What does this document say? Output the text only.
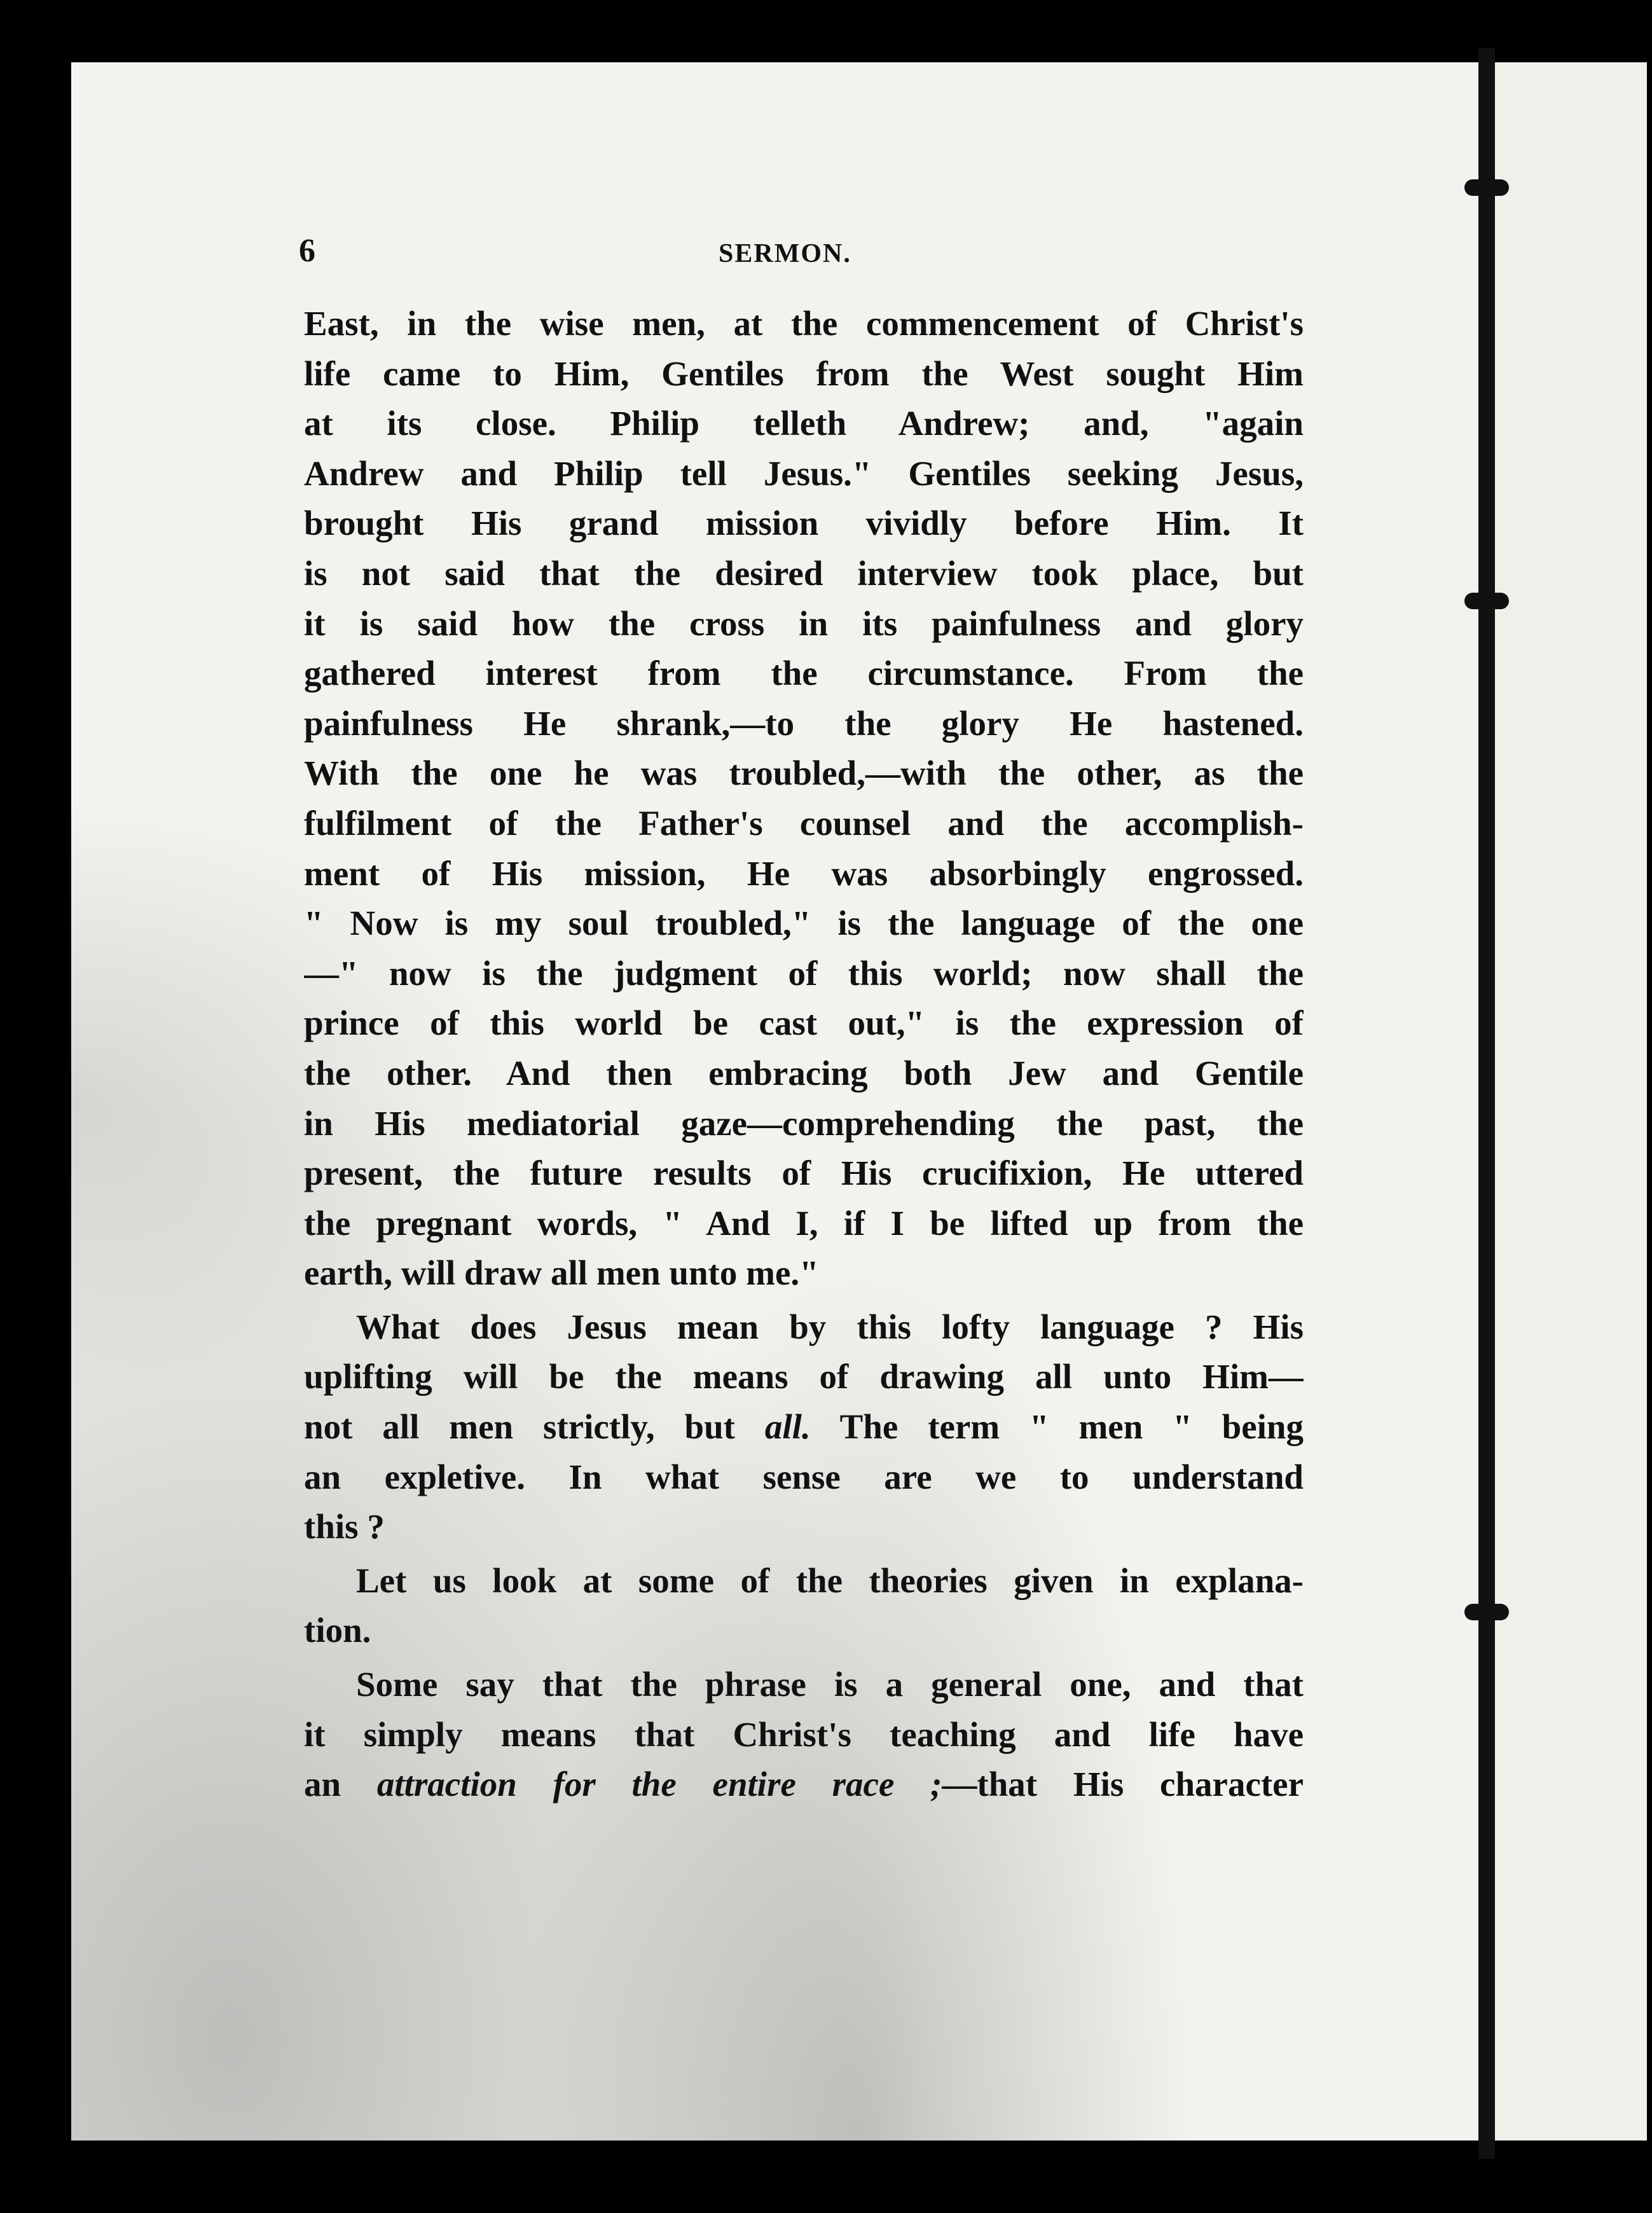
6	SERMON.

East, in the wise men, at the commencement of Christ's
life came to Him, Gentiles from the West sought Him
at its close. Philip telleth Andrew; and, "again
Andrew and Philip tell Jesus." Gentiles seeking Jesus,
brought His grand mission vividly before Him. It
is not said that the desired interview took place, but
it is said how the cross in its painfulness and glory
gathered interest from the circumstance. From the
painfulness He shrank,—to the glory He hastened.
With the one he was troubled,—with the other, as the
fulfilment of the Father's counsel and the accomplish-
ment of His mission, He was absorbingly engrossed.
" Now is my soul troubled," is the language of the one
—" now is the judgment of this world; now shall the
prince of this world be cast out," is the expression of
the other. And then embracing both Jew and Gentile
in His mediatorial gaze—comprehending the past, the
present, the future results of His crucifixion, He uttered
the pregnant words, " And I, if I be lifted up from the
earth, will draw all men unto me."

What does Jesus mean by this lofty language ? His
uplifting will be the means of drawing all unto Him—
not all men strictly, but all. The term " men " being
an expletive. In what sense are we to understand
this ?

Let us look at some of the theories given in explana-
tion.

Some say that the phrase is a general one, and that
it simply means that Christ's teaching and life have
an attraction for the entire race ;—that His character
